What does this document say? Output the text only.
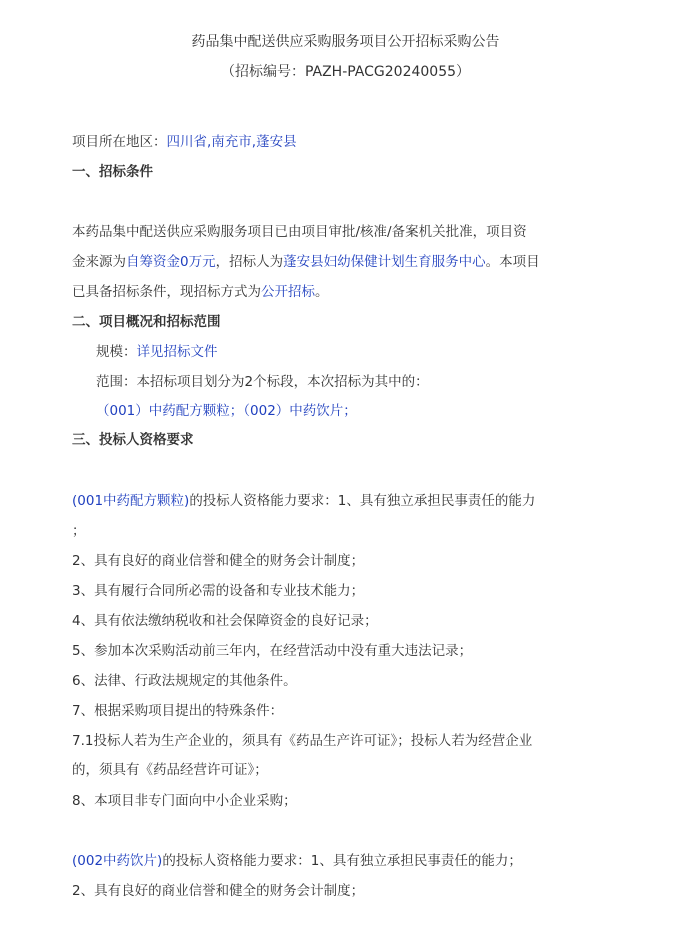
药品集中配送供应采购服务项目公开招标采购公告
（招标编号：PAZH-PACG20240055）
项目所在地区：四川省,南充市,蓬安县
一、招标条件
本药品集中配送供应采购服务项目已由项目审批/核准/备案机关批准，项目资
金来源为自筹资金0万元，招标人为蓬安县妇幼保健计划生育服务中心。本项目
已具备招标条件，现招标方式为公开招标。
二、项目概况和招标范围
规模：详见招标文件
范围：本招标项目划分为2个标段，本次招标为其中的：
（001）中药配方颗粒；（002）中药饮片；
三、投标人资格要求
(001中药配方颗粒)的投标人资格能力要求：1、具有独立承担民事责任的能力
；
2、具有良好的商业信誉和健全的财务会计制度；
3、具有履行合同所必需的设备和专业技术能力；
4、具有依法缴纳税收和社会保障资金的良好记录；
5、参加本次采购活动前三年内，在经营活动中没有重大违法记录；
6、法律、行政法规规定的其他条件。
7、根据采购项目提出的特殊条件：
7.1投标人若为生产企业的，须具有《药品生产许可证》；投标人若为经营企业
的，须具有《药品经营许可证》；
8、本项目非专门面向中小企业采购；
(002中药饮片)的投标人资格能力要求：1、具有独立承担民事责任的能力；
2、具有良好的商业信誉和健全的财务会计制度；
